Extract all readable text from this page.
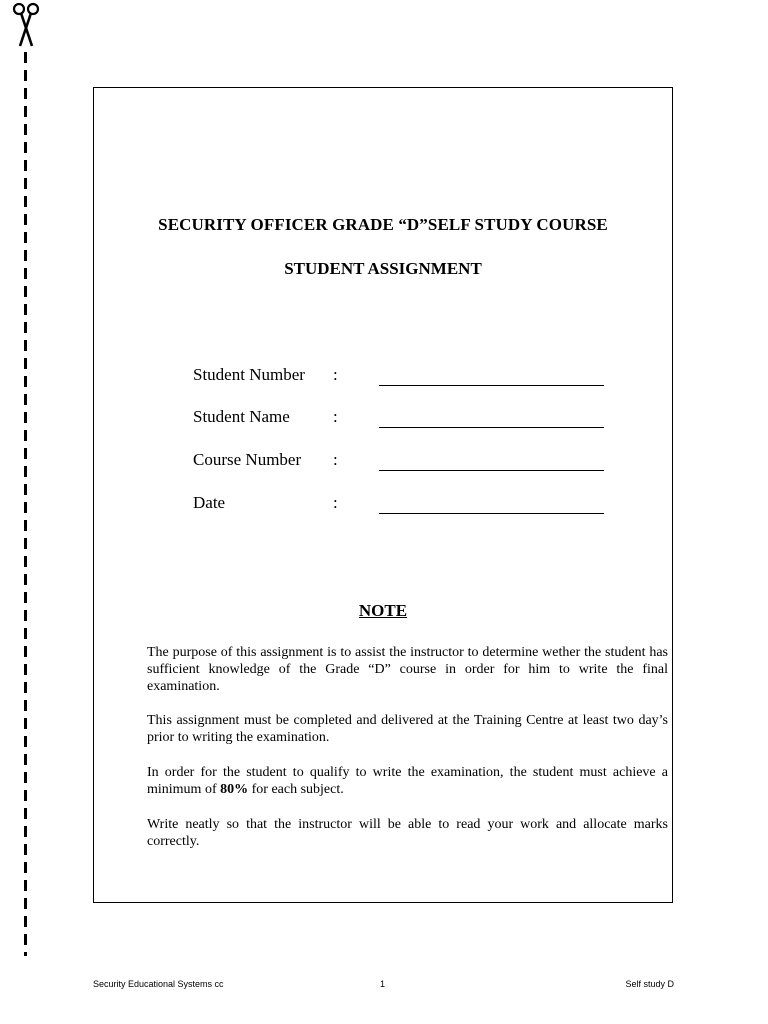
SECURITY OFFICER GRADE “D”SELF STUDY COURSE
STUDENT ASSIGNMENT
Student Number :
Student Name	:
Course Number :
Date	:
NOTE

The purpose of this assignment is to assist the instructor to determine wether the student has sufficient knowledge of the Grade “D” course in order for him to write the final examination.

This assignment must be completed and delivered at the Training Centre at least two day’s prior to writing the examination.

In order for the student to qualify to write the examination, the student must achieve a minimum of 80% for each subject.

Write neatly so that the instructor will be able to read your work and allocate marks correctly.

Security Educational Systems cc	1	Self study D
